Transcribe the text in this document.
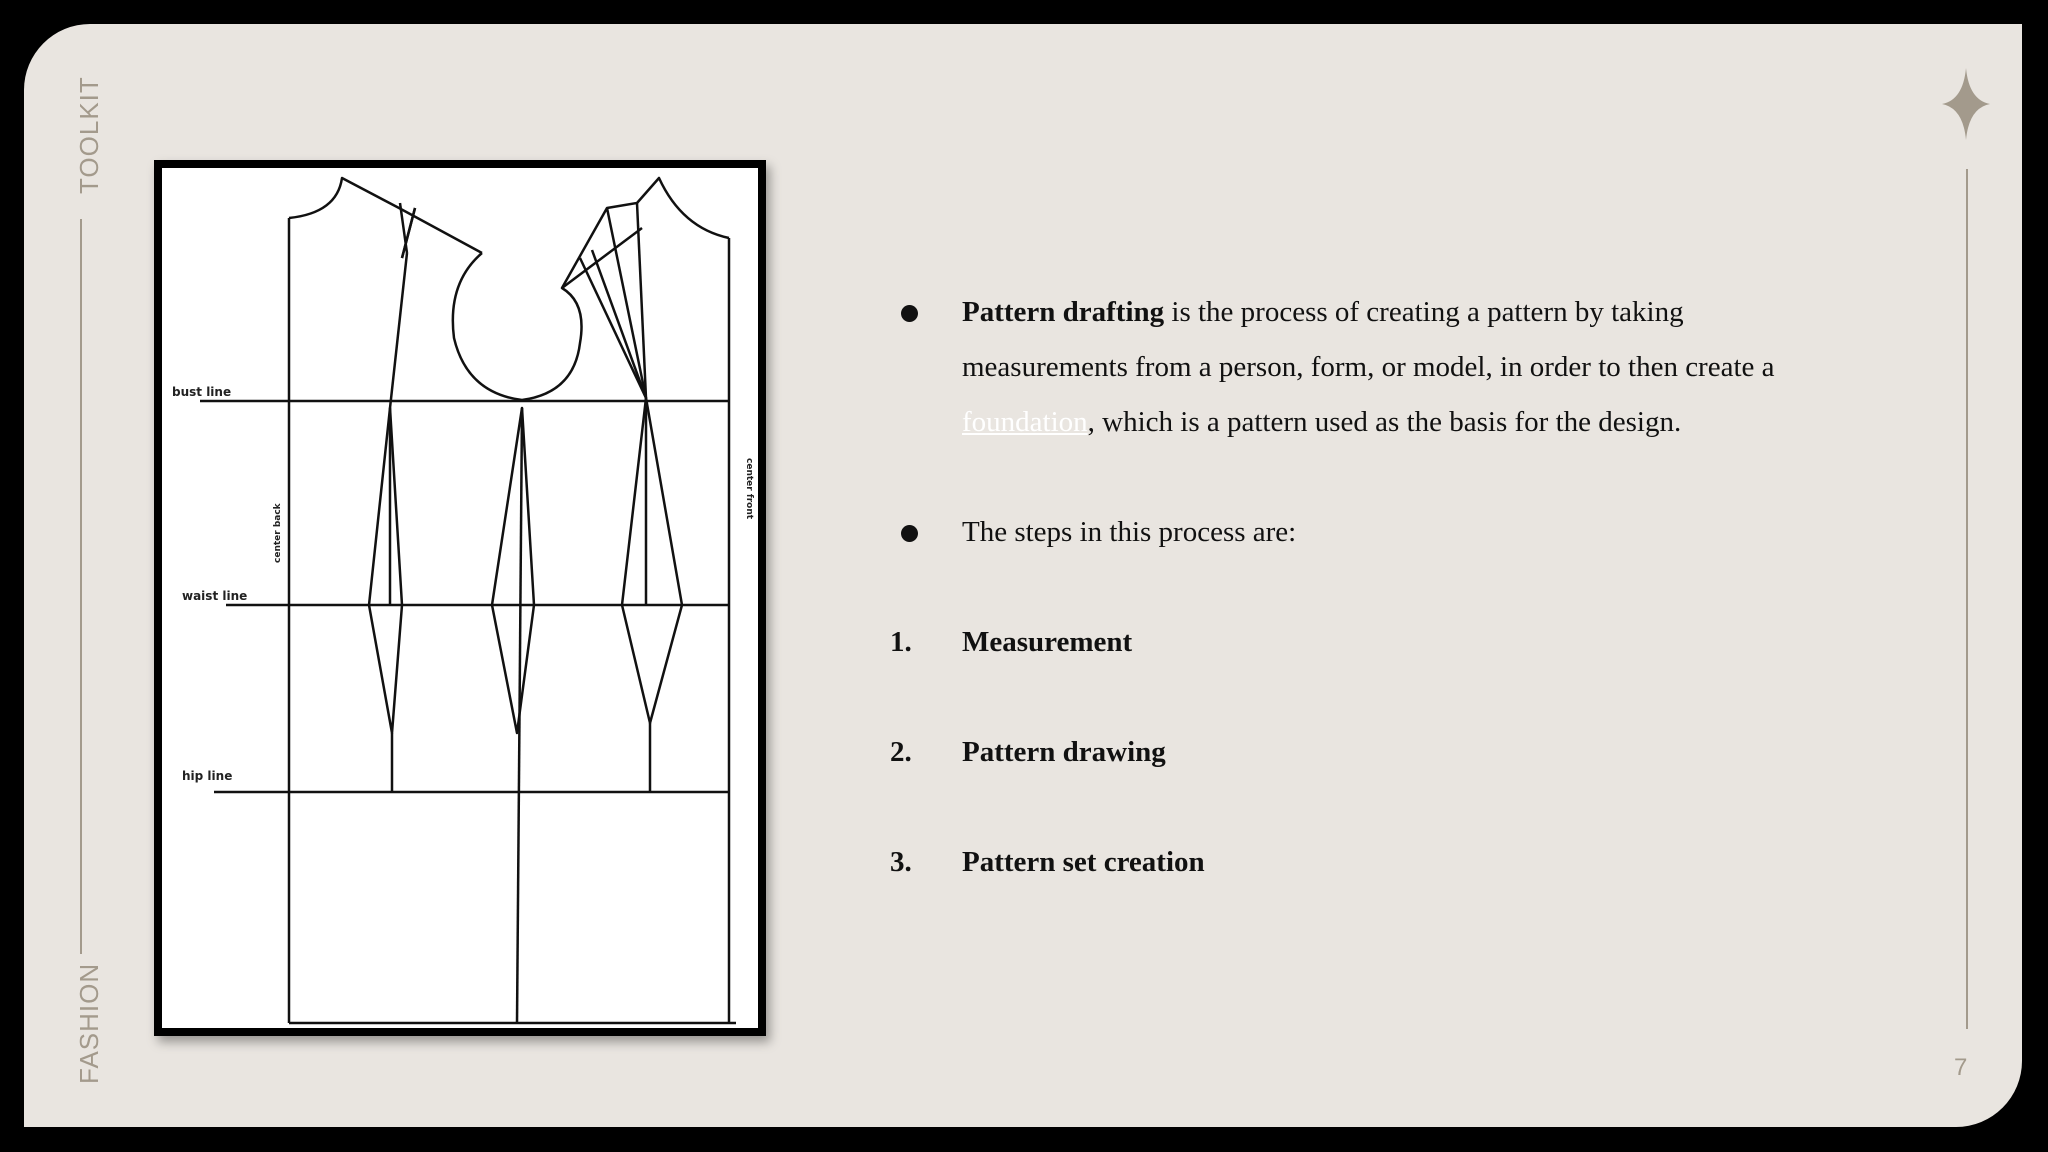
TOOLKIT
FASHION
bust line
waist line
hip line
center back
center front
Pattern drafting is the process of creating a pattern by taking measurements from a person, form, or model, in order to then create a foundation, which is a pattern used as the basis for the design.
The steps in this process are:
1. Measurement
2. Pattern drawing
3. Pattern set creation
7
